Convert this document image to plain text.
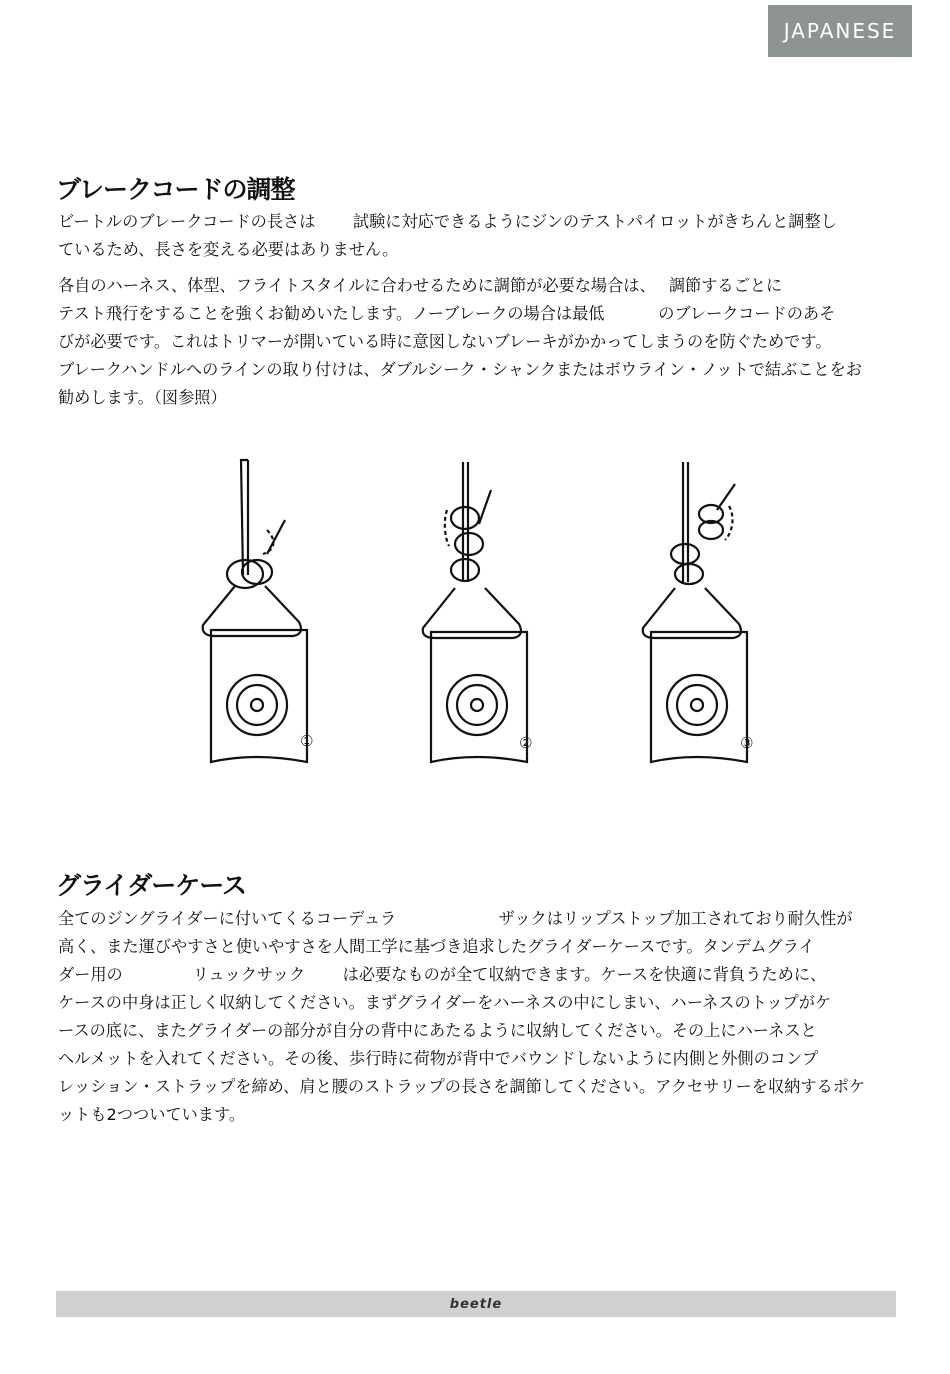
JAPANESE
ブレークコードの調整
ビートルのブレークコードの長さは　　 試験に対応できるようにジンのテストパイロットがきちんと調整し
ているため、長さを変える必要はありません。
各自のハーネス、体型、フライトスタイルに合わせるために調節が必要な場合は、　 調節するごとに
テスト飛行をすることを強くお勧めいたします。ノーブレークの場合は最低　　　 のブレークコードのあそ
びが必要です。これはトリマーが開いている時に意図しないブレーキがかかってしまうのを防ぐためです。
ブレークハンドルへのラインの取り付けは、ダブルシーク・シャンクまたはボウライン・ノットで結ぶことをお
勧めします。（図参照）
①	②	③
グライダーケース
全てのジングライダーに付いてくるコーデュラ　　　　　　 ザックはリップストップ加工されており耐久性が
高く、また運びやすさと使いやすさを人間工学に基づき追求したグライダーケースです。タンデムグライ
ダー用の　　　　 リュックサック　　 は必要なものが全て収納できます。ケースを快適に背負うために、
ケースの中身は正しく収納してください。まずグライダーをハーネスの中にしまい、ハーネスのトップがケ
ースの底に、またグライダーの部分が自分の背中にあたるように収納してください。その上にハーネスと
ヘルメットを入れてください。その後、歩行時に荷物が背中でバウンドしないように内側と外側のコンプ
レッション・ストラップを締め、肩と腰のストラップの長さを調節してください。アクセサリーを収納するポケ
ットも2つついています。
beetle
